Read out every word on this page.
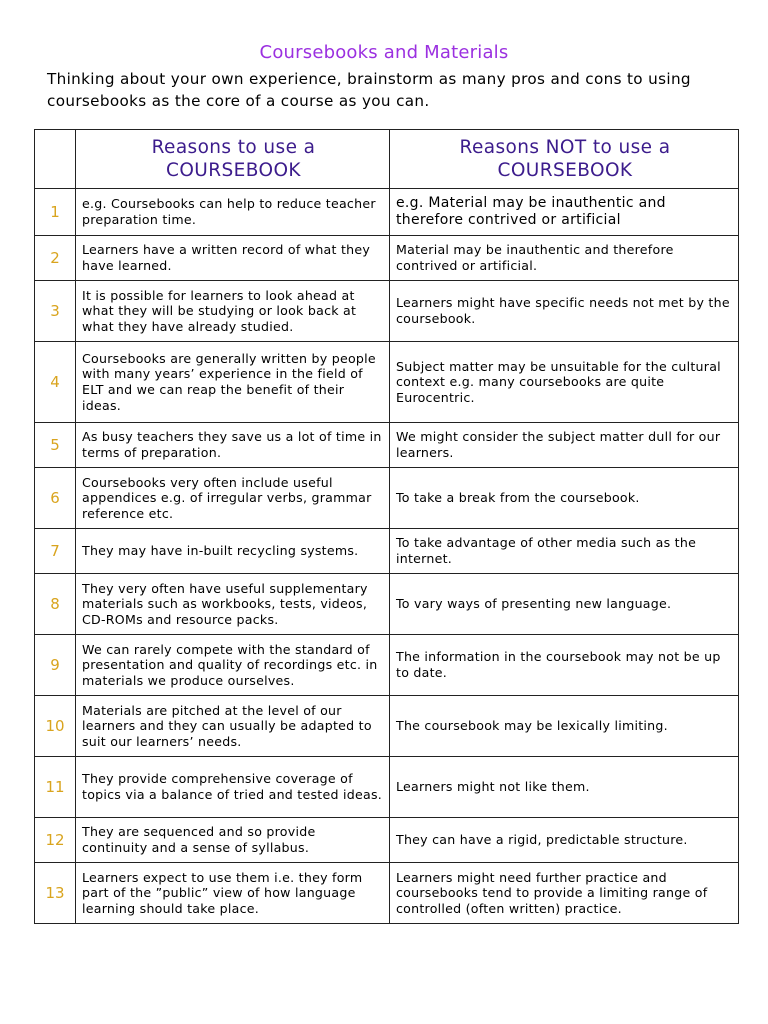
Coursebooks and Materials

Thinking about your own experience, brainstorm as many pros and cons to using coursebooks as the core of a course as you can.

	Reasons to use a COURSEBOOK	Reasons NOT to use a COURSEBOOK
1	e.g. Coursebooks can help to reduce teacher preparation time.	e.g. Material may be inauthentic and therefore contrived or artificial
2	Learners have a written record of what they have learned.	Material may be inauthentic and therefore contrived or artificial.
3	It is possible for learners to look ahead at what they will be studying or look back at what they have already studied.	Learners might have specific needs not met by the coursebook.
4	Coursebooks are generally written by people with many years’ experience in the field of ELT and we can reap the benefit of their ideas.	Subject matter may be unsuitable for the cultural context e.g. many coursebooks are quite Eurocentric.
5	As busy teachers they save us a lot of time in terms of preparation.	We might consider the subject matter dull for our learners.
6	Coursebooks very often include useful appendices e.g. of irregular verbs, grammar reference etc.	To take a break from the coursebook.
7	They may have in-built recycling systems.	To take advantage of other media such as the internet.
8	They very often have useful supplementary materials such as workbooks, tests, videos, CD-ROMs and resource packs.	To vary ways of presenting new language.
9	We can rarely compete with the standard of presentation and quality of recordings etc. in materials we produce ourselves.	The information in the coursebook may not be up to date.
10	Materials are pitched at the level of our learners and they can usually be adapted to suit our learners’ needs.	The coursebook may be lexically limiting.
11	They provide comprehensive coverage of topics via a balance of tried and tested ideas.	Learners might not like them.
12	They are sequenced and so provide continuity and a sense of syllabus.	They can have a rigid, predictable structure.
13	Learners expect to use them i.e. they form part of the ”public” view of how language learning should take place.	Learners might need further practice and coursebooks tend to provide a limiting range of controlled (often written) practice.
